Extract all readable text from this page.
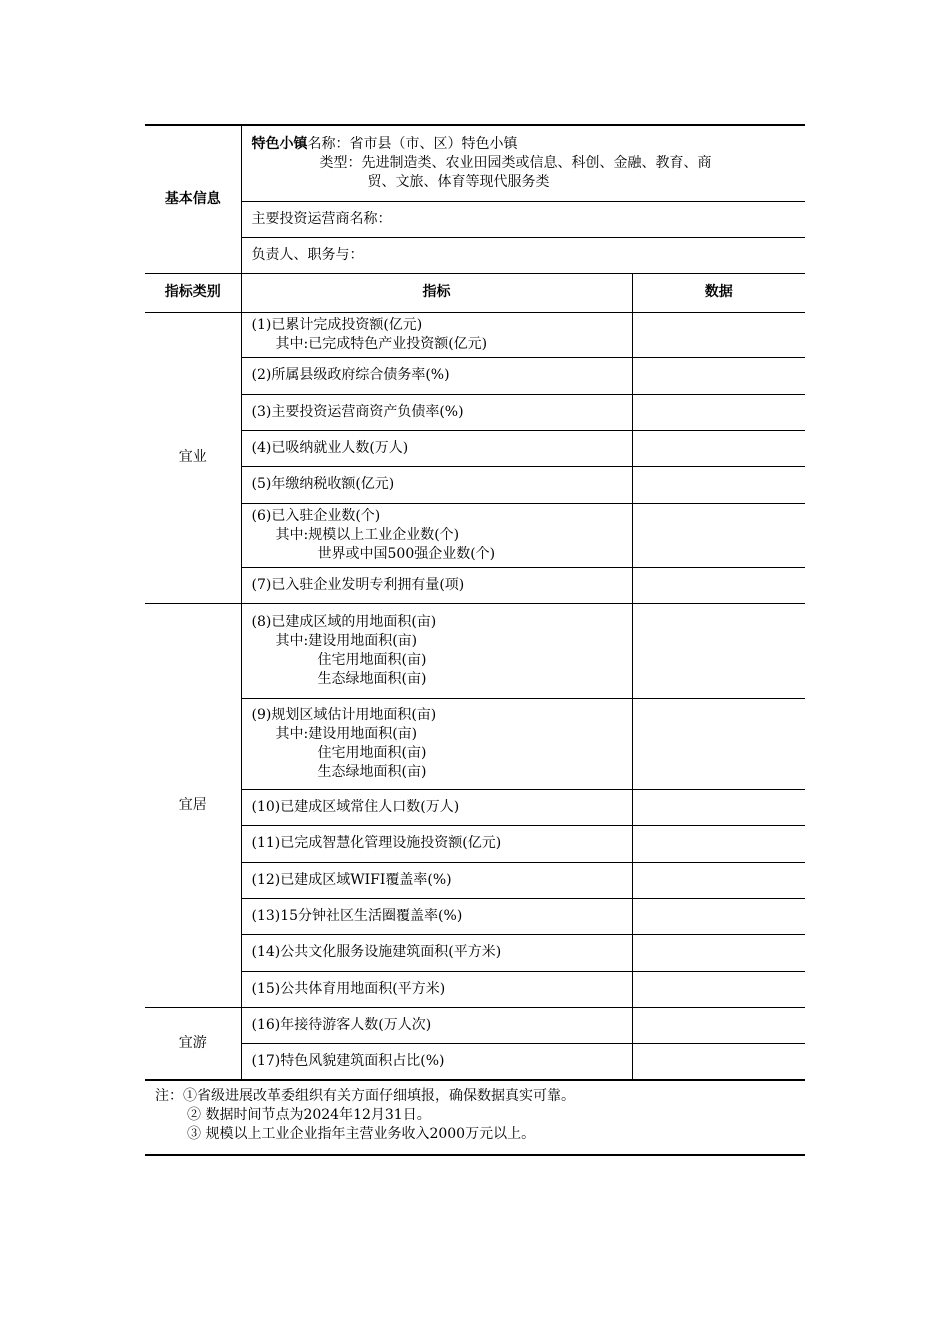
基本信息	特色小镇名称：省市县（市、区）特色小镇
类型：先进制造类、农业田园类或信息、科创、金融、教育、商
贸、文旅、体育等现代服务类	

	主要投资运营商名称：	
	负责人、职务与：	
指标类别	指标	数据
宜业	(1)已累计完成投资额(亿元)
其中:已完成特色产业投资额(亿元)	

	(2)所属县级政府综合债务率(%)	
	(3)主要投资运营商资产负债率(%)	
	(4)已吸纳就业人数(万人)	
	(5)年缴纳税收额(亿元)	

	(6)已入驻企业数(个)
其中:规模以上工业企业数(个)
世界或中国500强企业数(个)	

	(7)已入驻企业发明专利拥有量(项)	
宜居	(8)已建成区域的用地面积(亩)
其中:建设用地面积(亩)
住宅用地面积(亩)
生态绿地面积(亩)	

	(9)规划区域估计用地面积(亩)
其中:建设用地面积(亩)
住宅用地面积(亩)
生态绿地面积(亩)	

	(10)已建成区域常住人口数(万人)	
	(11)已完成智慧化管理设施投资额(亿元)	
	(12)已建成区域WIFI覆盖率(%)	
	(13)15分钟社区生活圈覆盖率(%)	
	(14)公共文化服务设施建筑面积(平方米)	
	(15)公共体育用地面积(平方米)	
宜游	(16)年接待游客人数(万人次)	
	(17)特色风貌建筑面积占比(%)	
注：①省级进展改革委组织有关方面仔细填报，确保数据真实可靠。
② 数据时间节点为2024年12月31日。
③ 规模以上工业企业指年主营业务收入2000万元以上。
